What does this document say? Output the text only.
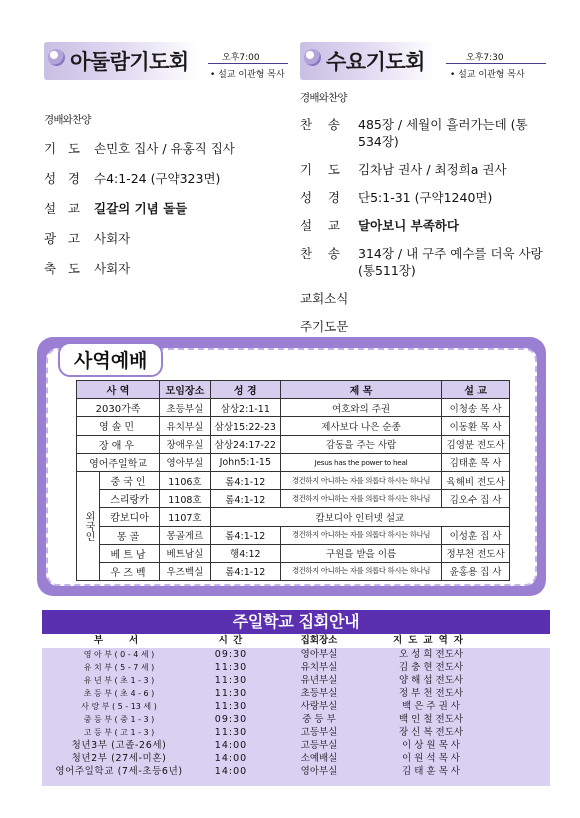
아둘람기도회	오후7:00
• 설교 이관형 목사
경배와찬양
기 도 손민호 집사 / 유홍직 집사
성 경 수4:1-24 (구약323면)
설 교 길갈의 기념 돌들
광 고 사회자
축 도 사회자
수요기도회	오후7:30
• 설교 이관형 목사
경배와찬양
찬 송 485장 / 세월이 흘러가는데 (통 534장)
기 도 김차남 권사 / 최정희a 권사
성 경 단5:1-31 (구약1240면)
설 교 달아보니 부족하다
찬 송 314장 / 내 구주 예수를 더욱 사랑 (통511장)
교회소식
주기도문
사역예배
사 역		모임장소	성 경	제 목	설 교
2030가족		초등부실	삼상2:1-11	여호와의 주권	이청송 목 사
영솔민		유치부실	삼상15:22-23	제사보다 나은 순종	이동환 목 사
장애우		장애우실	삼상24:17-22	감동을 주는 사람	김영분 전도사
영어주일학교		영아부실	John5:1-15	Jesus has the power to heal	김태훈 목 사
외국인	중국인	1106호	롬4:1-12	경건하지 아니하는 자를 의롭다 하시는 하나님	육해비 전도사
	스리랑카	1108호	롬4:1-12	경건하지 아니하는 자를 의롭다 하시는 하나님	김오수 집 사
	캄보디아	1107호	캄보디아 인터넷 설교		
	몽골	몽골게르	롬4:1-12	경건하지 아니하는 자를 의롭다 하시는 하나님	이성훈 집 사
	베트남	베트남실	행4:12	구원을 받을 이름	정부천 전도사
	우즈벡	우즈벡실	롬4:1-12	경건하지 아니하는 자를 의롭다 하시는 하나님	윤홍용 집 사
주일학교 집회안내
부서	시 간	집회장소	지도교역자
영 아 부 ( 0 - 4 세 )	09:30	영아부실	오 성 희 전도사
유 치 부 ( 5 - 7 세 )	11:30	유치부실	김 충 현 전도사
유 년 부 ( 초 1 - 3 )	11:30	유년부실	양 해 섭 전도사
초 등 부 ( 초 4 - 6 )	11:30	초등부실	정 부 천 전도사
사 랑 부 ( 5 - 13 세 )	11:30	사랑부실	백 은 주 권 사
중 등 부 ( 중 1 - 3 )	09:30	중 등 부	백 인 철 전도사
고 등 부 ( 고 1 - 3 )	11:30	고등부실	장 신 복 전도사
청년3부 (고졸-26세)	14:00	고등부실	이 상 원 목 사
청년2부 (27세-미혼)	14:00	소예배실	이 원 석 목 사
영어주일학교 (7세-초등6년)	14:00	영아부실	김 태 훈 목 사
